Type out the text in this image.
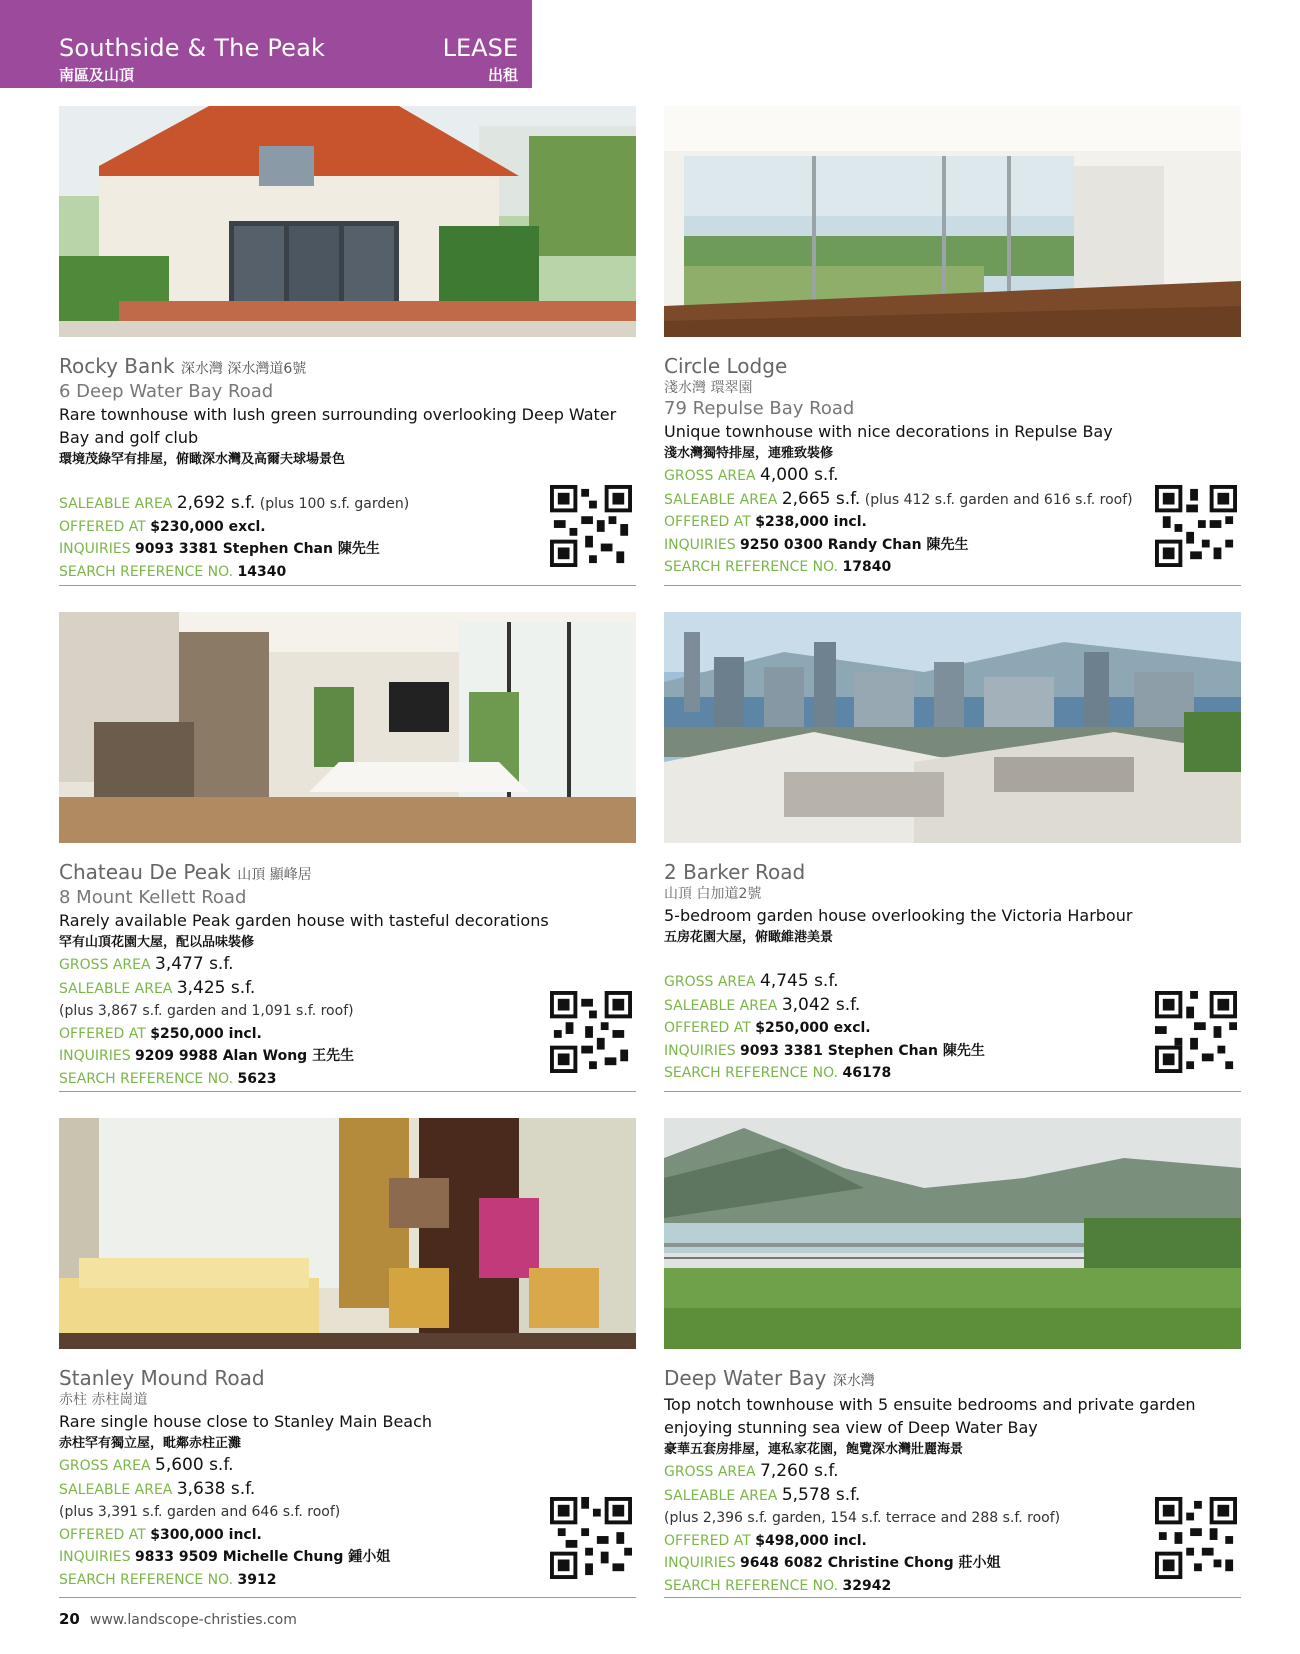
Southside & The Peak
南區及山頂
LEASE
出租
Rocky Bank 深水灣 深水灣道6號
6 Deep Water Bay Road
Rare townhouse with lush green surrounding overlooking Deep Water Bay and golf club
環境茂綠罕有排屋，俯瞰深水灣及高爾夫球場景色
SALEABLE AREA 2,692 s.f. (plus 100 s.f. garden)
OFFERED AT $230,000 excl.
INQUIRIES 9093 3381 Stephen Chan 陳先生
SEARCH REFERENCE NO. 14340
Circle Lodge
淺水灣 環翠園
79 Repulse Bay Road
Unique townhouse with nice decorations in Repulse Bay
淺水灣獨特排屋，連雅致裝修
GROSS AREA 4,000 s.f.
SALEABLE AREA 2,665 s.f. (plus 412 s.f. garden and 616 s.f. roof)
OFFERED AT $238,000 incl.
INQUIRIES 9250 0300 Randy Chan 陳先生
SEARCH REFERENCE NO. 17840
Chateau De Peak 山頂 顯峰居
8 Mount Kellett Road
Rarely available Peak garden house with tasteful decorations
罕有山頂花園大屋，配以品味裝修
GROSS AREA 3,477 s.f.
SALEABLE AREA 3,425 s.f.
(plus 3,867 s.f. garden and 1,091 s.f. roof)
OFFERED AT $250,000 incl.
INQUIRIES 9209 9988 Alan Wong 王先生
SEARCH REFERENCE NO. 5623
2 Barker Road
山頂 白加道2號
5-bedroom garden house overlooking the Victoria Harbour
五房花園大屋，俯瞰維港美景
GROSS AREA 4,745 s.f.
SALEABLE AREA 3,042 s.f.
OFFERED AT $250,000 excl.
INQUIRIES 9093 3381 Stephen Chan 陳先生
SEARCH REFERENCE NO. 46178
Stanley Mound Road
赤柱 赤柱崗道
Rare single house close to Stanley Main Beach
赤柱罕有獨立屋，毗鄰赤柱正灘
GROSS AREA 5,600 s.f.
SALEABLE AREA 3,638 s.f.
(plus 3,391 s.f. garden and 646 s.f. roof)
OFFERED AT $300,000 incl.
INQUIRIES 9833 9509 Michelle Chung 鍾小姐
SEARCH REFERENCE NO. 3912
Deep Water Bay 深水灣
Top notch townhouse with 5 ensuite bedrooms and private garden enjoying stunning sea view of Deep Water Bay
豪華五套房排屋，連私家花園，飽覽深水灣壯麗海景
GROSS AREA 7,260 s.f.
SALEABLE AREA 5,578 s.f.
(plus 2,396 s.f. garden, 154 s.f. terrace and 288 s.f. roof)
OFFERED AT $498,000 incl.
INQUIRIES 9648 6082 Christine Chong 莊小姐
SEARCH REFERENCE NO. 32942
20 www.landscope-christies.com
